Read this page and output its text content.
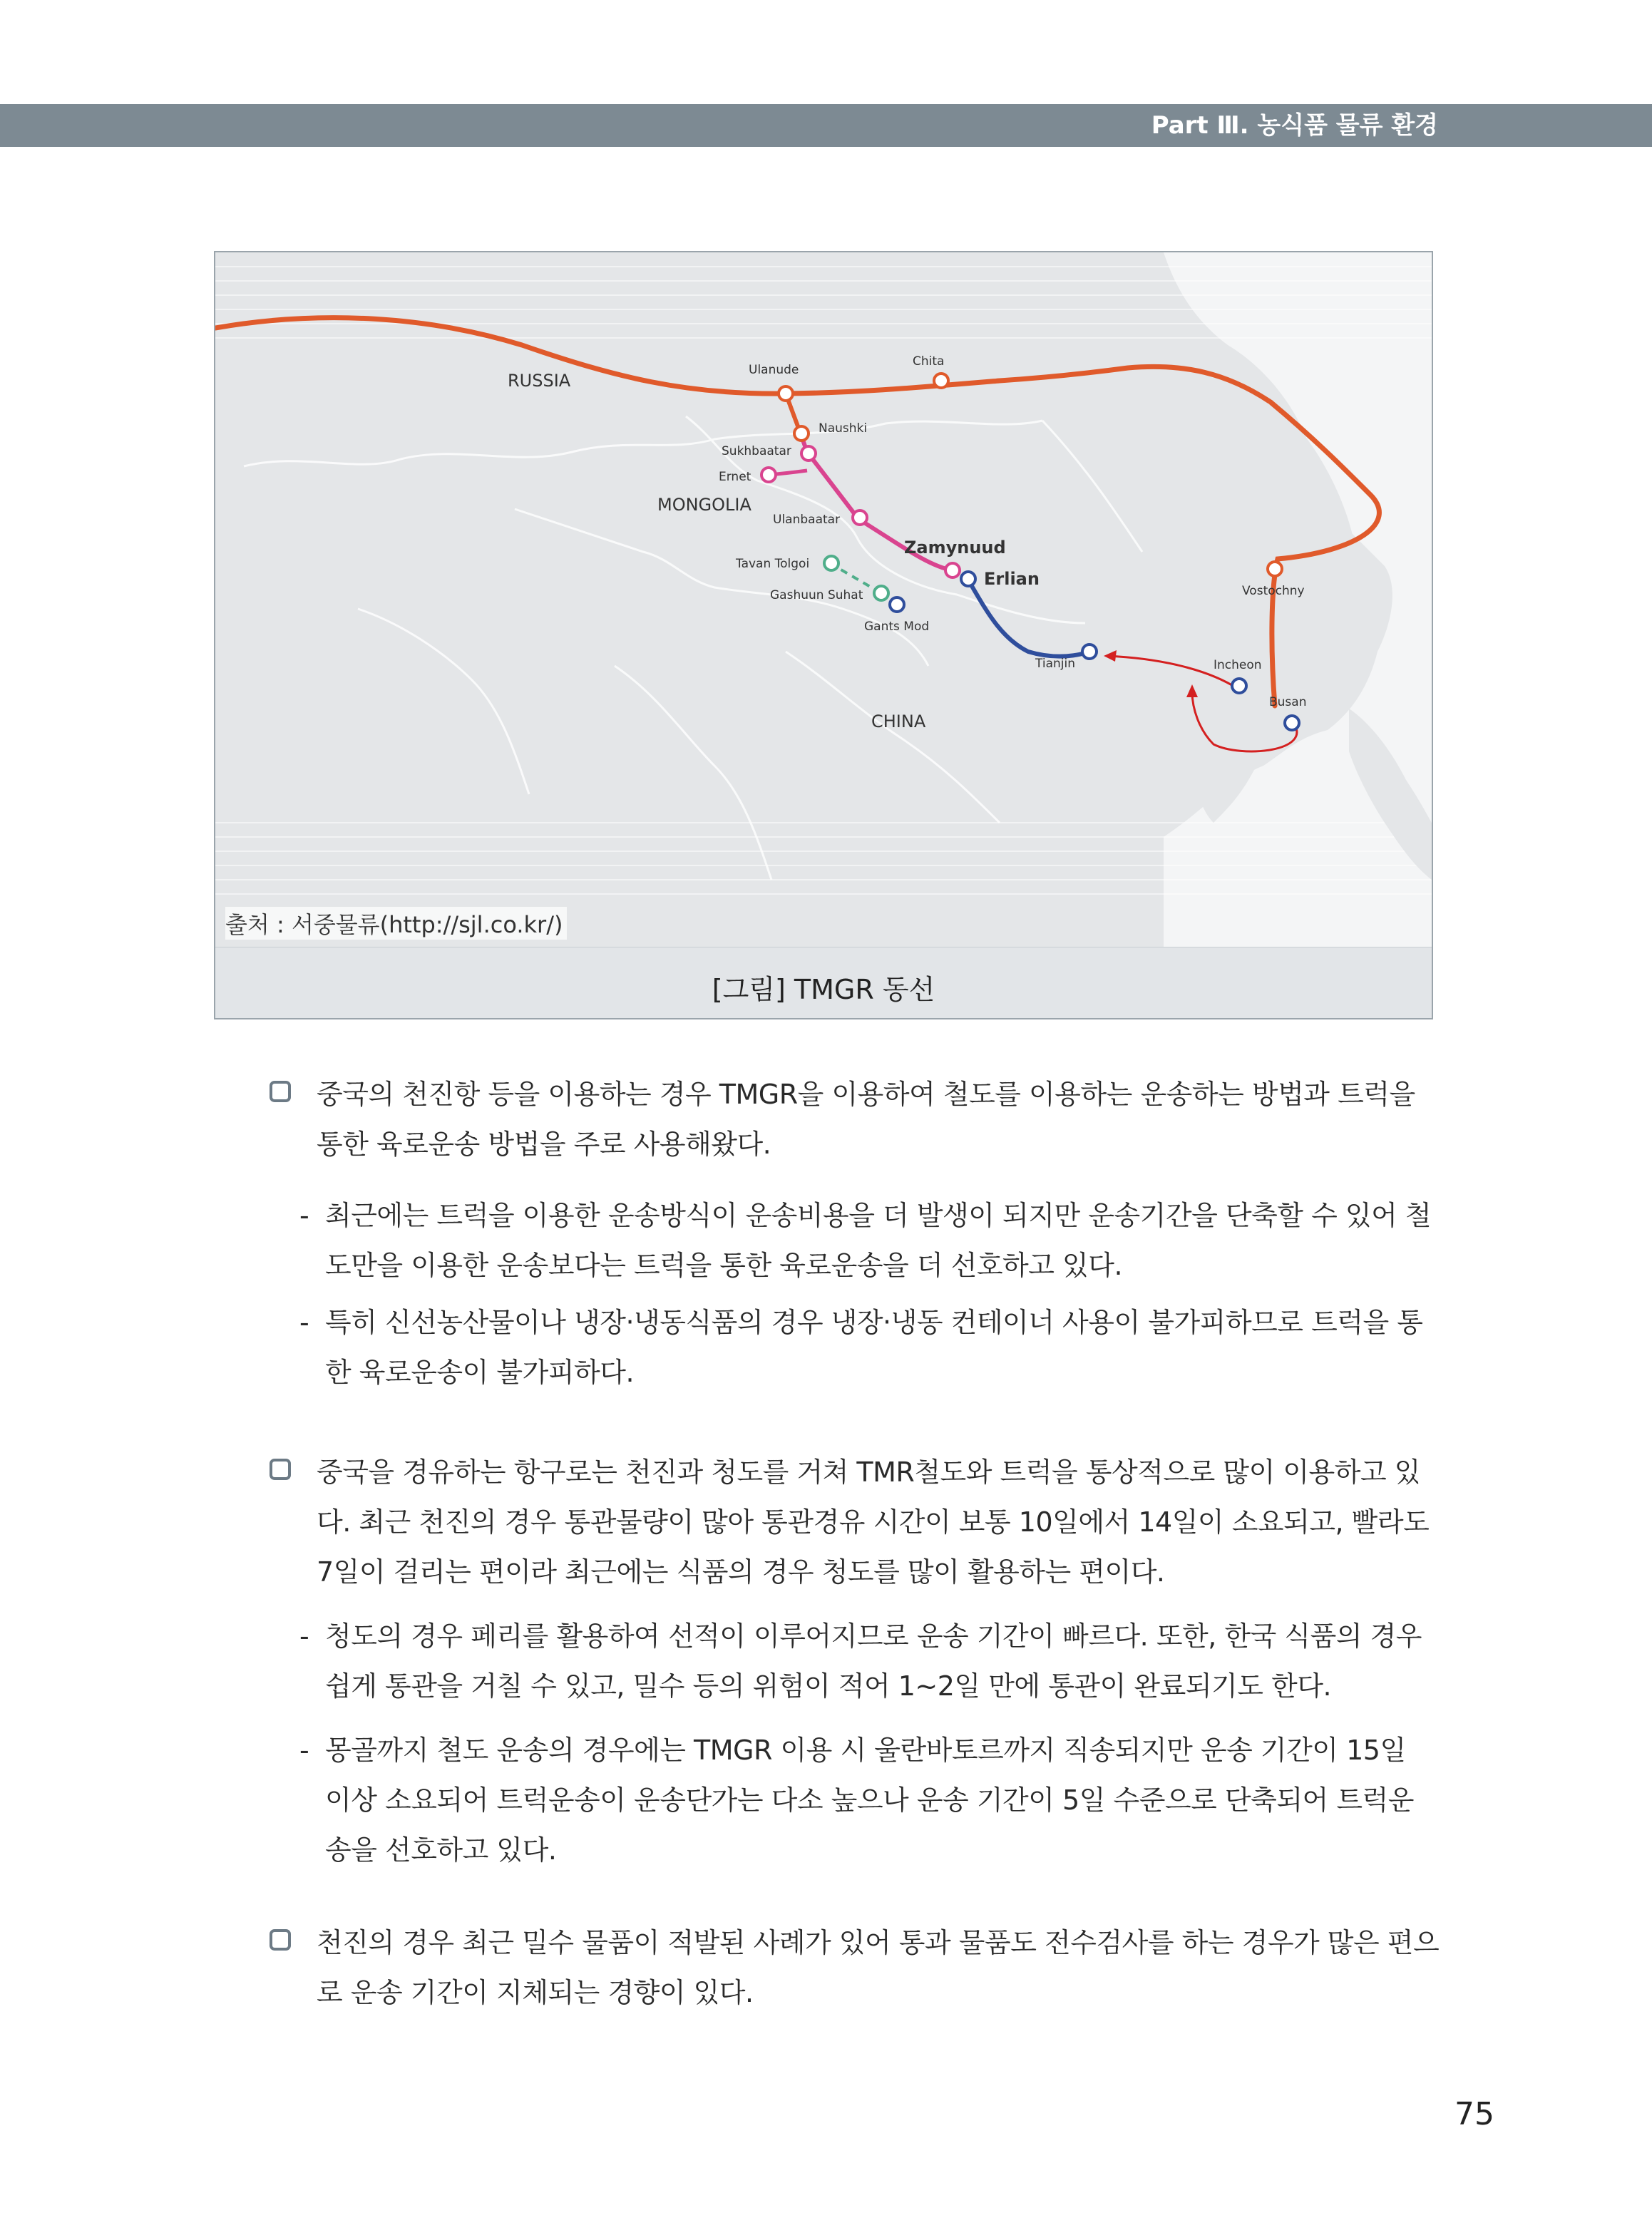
Part Ⅲ. 농식품 물류 환경
RUSSIA
MONGOLIA
CHINA
Ulanude
Chita
Naushki
Sukhbaatar
Ernet
Ulanbaatar
Tavan Tolgoi
Gashuun Suhat
Gants Mod
Tianjin
Vostochny
Incheon
Busan
Zamynuud
Erlian
출처 : 서중물류(http://sjl.co.kr/)
[그림] TMGR 동선
중국의 천진항 등을 이용하는 경우 TMGR을 이용하여 철도를 이용하는 운송하는 방법과 트럭을 통한 육로운송 방법을 주로 사용해왔다.
- 최근에는 트럭을 이용한 운송방식이 운송비용을 더 발생이 되지만 운송기간을 단축할 수 있어 철도만을 이용한 운송보다는 트럭을 통한 육로운송을 더 선호하고 있다.
- 특히 신선농산물이나 냉장‧냉동식품의 경우 냉장‧냉동 컨테이너 사용이 불가피하므로 트럭을 통한 육로운송이 불가피하다.
중국을 경유하는 항구로는 천진과 청도를 거쳐 TMR철도와 트럭을 통상적으로 많이 이용하고 있다. 최근 천진의 경우 통관물량이 많아 통관경유 시간이 보통 10일에서 14일이 소요되고, 빨라도 7일이 걸리는 편이라 최근에는 식품의 경우 청도를 많이 활용하는 편이다.
- 청도의 경우 페리를 활용하여 선적이 이루어지므로 운송 기간이 빠르다. 또한, 한국 식품의 경우 쉽게 통관을 거칠 수 있고, 밀수 등의 위험이 적어 1~2일 만에 통관이 완료되기도 한다.
- 몽골까지 철도 운송의 경우에는 TMGR 이용 시 울란바토르까지 직송되지만 운송 기간이 15일 이상 소요되어 트럭운송이 운송단가는 다소 높으나 운송 기간이 5일 수준으로 단축되어 트럭운송을 선호하고 있다.
천진의 경우 최근 밀수 물품이 적발된 사례가 있어 통과 물품도 전수검사를 하는 경우가 많은 편으로 운송 기간이 지체되는 경향이 있다.
75
